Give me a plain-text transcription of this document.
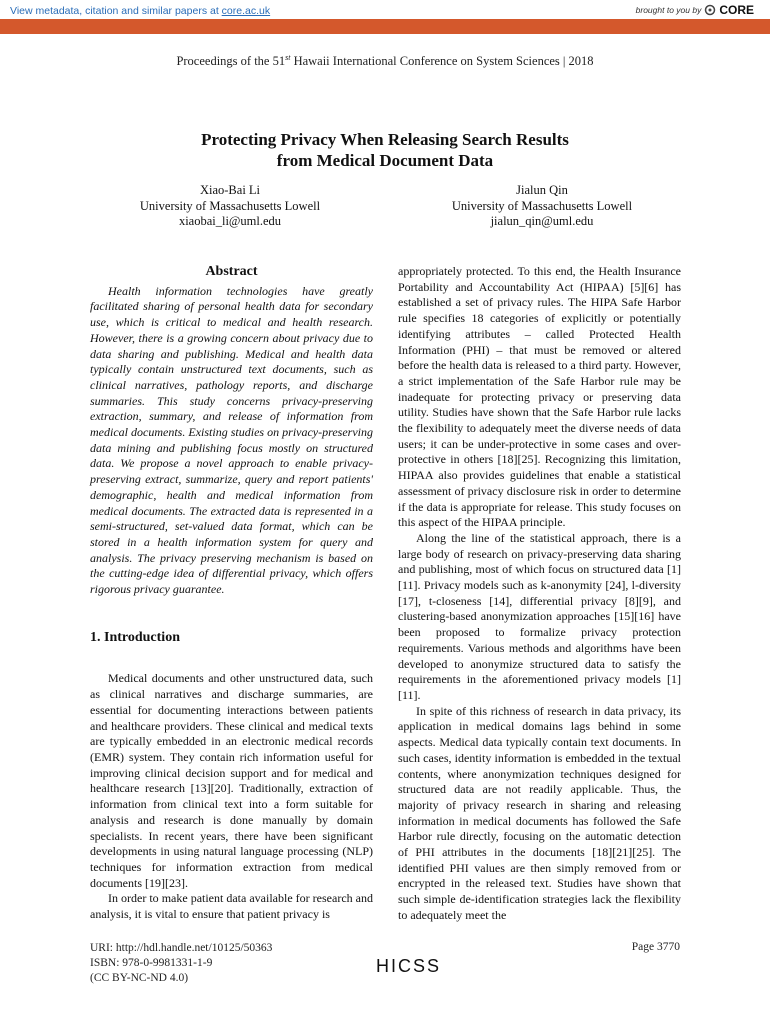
View metadata, citation and similar papers at core.ac.uk	brought to you by CORE
provided by ScholarSpace at University of Hawai'i at Manoa
Proceedings of the 51st Hawaii International Conference on System Sciences | 2018
Protecting Privacy When Releasing Search Results
from Medical Document Data
Xiao-Bai Li
University of Massachusetts Lowell
xiaobai_li@uml.edu
Jialun Qin
University of Massachusetts Lowell
jialun_qin@uml.edu
Abstract

Health information technologies have greatly facilitated sharing of personal health data for secondary use, which is critical to medical and health research. However, there is a growing concern about privacy due to data sharing and publishing. Medical and health data typically contain unstructured text documents, such as clinical narratives, pathology reports, and discharge summaries. This study concerns privacy-preserving extraction, summary, and release of information from medical documents. Existing studies on privacy-preserving data mining and publishing focus mostly on structured data. We propose a novel approach to enable privacy-preserving extract, summarize, query and report patients' demographic, health and medical information from medical documents. The extracted data is represented in a semi-structured, set-valued data format, which can be stored in a health information system for query and analysis. The privacy preserving mechanism is based on the cutting-edge idea of differential privacy, which offers rigorous privacy guarantee.

1. Introduction

Medical documents and other unstructured data, such as clinical narratives and discharge summaries, are essential for documenting interactions between patients and healthcare providers. These clinical and medical texts are typically embedded in an electronic medical records (EMR) system. They contain rich information useful for improving clinical decision support and for medical and healthcare research [13][20]. Traditionally, extraction of information from clinical text into a form suitable for analysis and research is done manually by domain specialists. In recent years, there have been significant developments in using natural language processing (NLP) techniques for information extraction from medical documents [19][23].

In order to make patient data available for research and analysis, it is vital to ensure that patient privacy is

appropriately protected. To this end, the Health Insurance Portability and Accountability Act (HIPAA) [5][6] has established a set of privacy rules. The HIPA Safe Harbor rule specifies 18 categories of explicitly or potentially identifying attributes – called Protected Health Information (PHI) – that must be removed or altered before the health data is released to a third party. However, a strict implementation of the Safe Harbor rule may be inadequate for protecting privacy or preserving data utility. Studies have shown that the Safe Harbor rule lacks the flexibility to adequately meet the diverse needs of data users; it can be under-protective in some cases and over-protective in others [18][25]. Recognizing this limitation, HIPAA also provides guidelines that enable a statistical assessment of privacy disclosure risk in order to determine if the data is appropriate for release. This study focuses on this aspect of the HIPAA principle.

Along the line of the statistical approach, there is a large body of research on privacy-preserving data sharing and publishing, most of which focus on structured data [1][11]. Privacy models such as k-anonymity [24], l-diversity [17], t-closeness [14], differential privacy [8][9], and clustering-based anonymization approaches [15][16] have been proposed to formalize privacy protection requirements. Various methods and algorithms have been developed to anonymize structured data to satisfy the requirements in the aforementioned privacy models [1][11].

In spite of this richness of research in data privacy, its application in medical domains lags behind in some aspects. Medical data typically contain text documents. In such cases, identity information is embedded in the textual contents, where anonymization techniques designed for structured data are not readily applicable. Thus, the majority of privacy research in sharing and releasing information in medical documents has followed the Safe Harbor rule directly, focusing on the automatic detection of PHI attributes in the documents [18][21][25]. The identified PHI values are then simply removed from or encrypted in the released text. Studies have shown that such simple de-identification strategies lack the flexibility to adequately meet the

URI: http://hdl.handle.net/10125/50363
ISBN: 978-0-9981331-1-9
(CC BY-NC-ND 4.0)
Page 3770
HICSS
